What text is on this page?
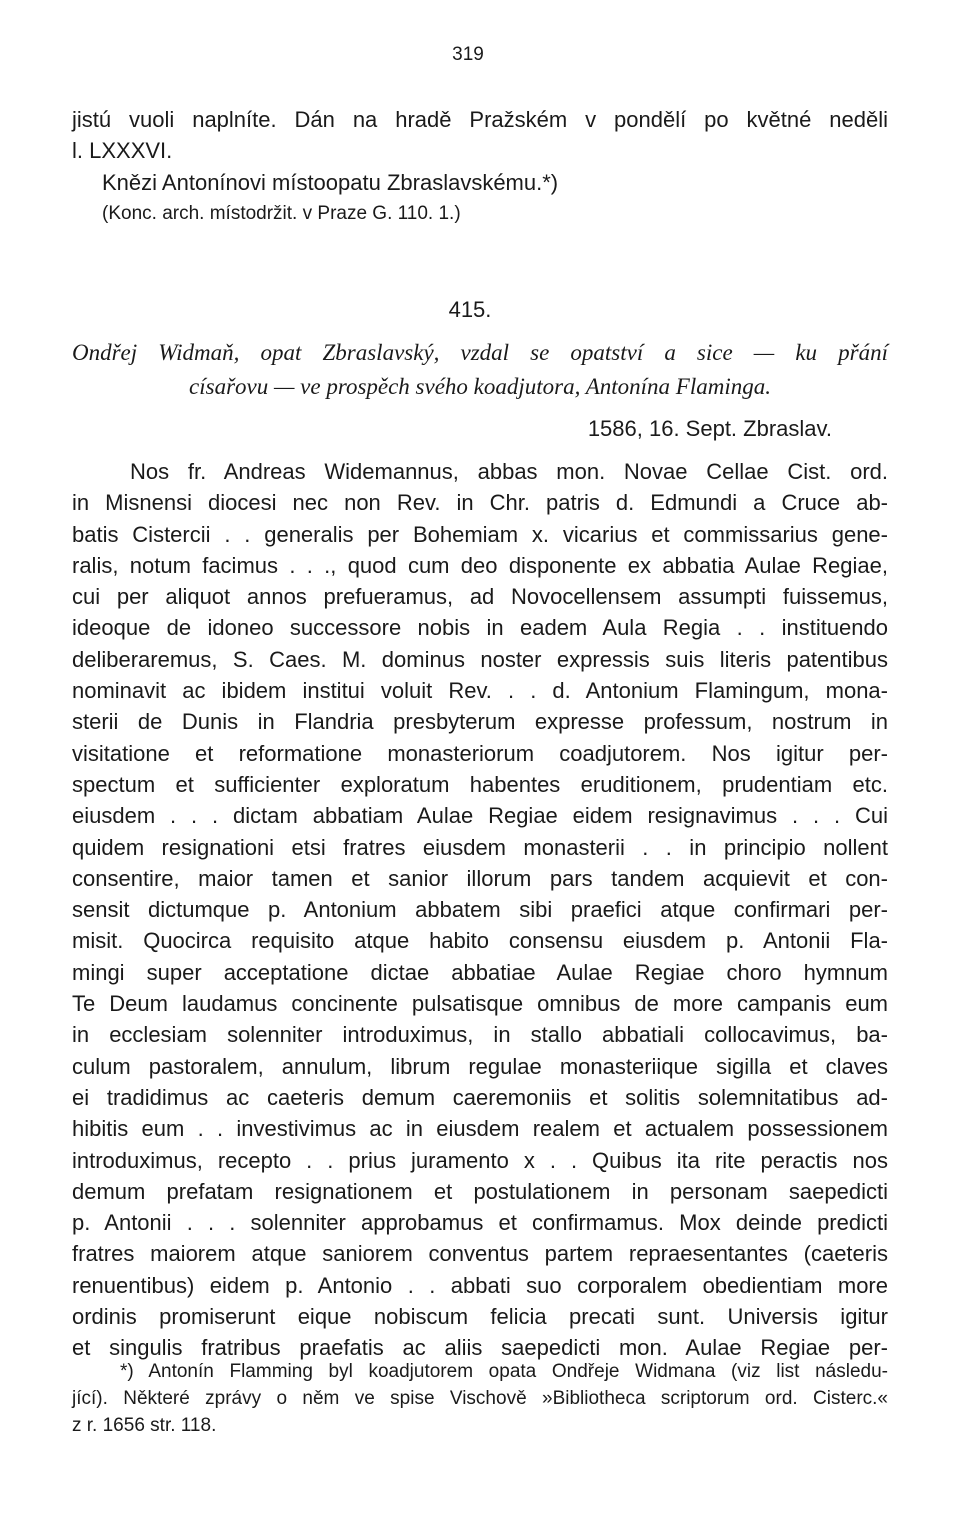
319
jistú vuoli naplníte. Dán na hradě Pražském v pondělí po květné neděli
l. LXXXVI.
Knězi Antonínovi místoopatu Zbraslavskému.*)
(Konc. arch. místodržit. v Praze G. 110. 1.)
415.
Ondřej Widmaň, opat Zbraslavský, vzdal se opatství a sice — ku přání
císařovu — ve prospěch svého koadjutora, Antonína Flaminga.
1586, 16. Sept. Zbraslav.
Nos fr. Andreas Widemannus, abbas mon. Novae Cellae Cist. ord.
in Misnensi diocesi nec non Rev. in Chr. patris d. Edmundi a Cruce ab-
batis Cistercii . . generalis per Bohemiam x. vicarius et commissarius gene-
ralis, notum facimus . . ., quod cum deo disponente ex abbatia Aulae Regiae,
cui per aliquot annos prefueramus, ad Novocellensem assumpti fuissemus,
ideoque de idoneo successore nobis in eadem Aula Regia . . instituendo
deliberaremus, S. Caes. M. dominus noster expressis suis literis patentibus
nominavit ac ibidem institui voluit Rev. . . d. Antonium Flamingum, mona-
sterii de Dunis in Flandria presbyterum expresse professum, nostrum in
visitatione et reformatione monasteriorum coadjutorem. Nos igitur per-
spectum et sufficienter exploratum habentes eruditionem, prudentiam etc.
eiusdem . . . dictam abbatiam Aulae Regiae eidem resignavimus . . . Cui
quidem resignationi etsi fratres eiusdem monasterii . . in principio nollent
consentire, maior tamen et sanior illorum pars tandem acquievit et con-
sensit dictumque p. Antonium abbatem sibi praefici atque confirmari per-
misit. Quocirca requisito atque habito consensu eiusdem p. Antonii Fla-
mingi super acceptatione dictae abbatiae Aulae Regiae choro hymnum
Te Deum laudamus concinente pulsatisque omnibus de more campanis eum
in ecclesiam solenniter introduximus, in stallo abbatiali collocavimus, ba-
culum pastoralem, annulum, librum regulae monasteriique sigilla et claves
ei tradidimus ac caeteris demum caeremoniis et solitis solemnitatibus ad-
hibitis eum . . investivimus ac in eiusdem realem et actualem possessionem
introduximus, recepto . . prius juramento x . . Quibus ita rite peractis nos
demum prefatam resignationem et postulationem in personam saepedicti
p. Antonii . . . solenniter approbamus et confirmamus. Mox deinde predicti
fratres maiorem atque saniorem conventus partem repraesentantes (caeteris
renuentibus) eidem p. Antonio . . abbati suo corporalem obedientiam more
ordinis promiserunt eique nobiscum felicia precati sunt. Universis igitur
et singulis fratribus praefatis ac aliis saepedicti mon. Aulae Regiae per-
*) Antonín Flamming byl koadjutorem opata Ondřeje Widmana (viz list následu-
jící). Některé zprávy o něm ve spise Vischově »Bibliotheca scriptorum ord. Cisterc.«
z r. 1656 str. 118.
